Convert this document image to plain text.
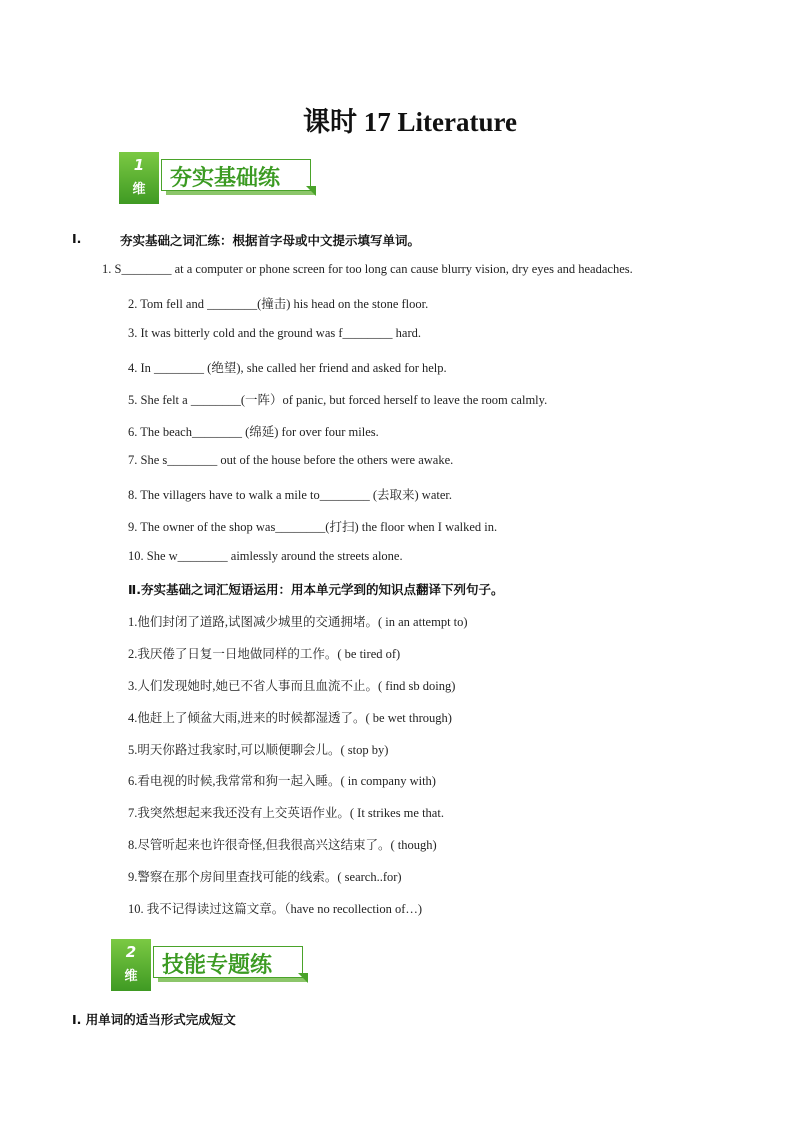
课时 17 Literature
1
维	夯实基础练
I.	夯实基础之词汇练：根据首字母或中文提示填写单词。
1. S________ at a computer or phone screen for too long can cause blurry vision, dry eyes and headaches.
2. Tom fell and ________(撞击) his head on the stone floor.
3. It was bitterly cold and the ground was f________ hard.
4. In ________ (绝望), she called her friend and asked for help.
5. She felt a ________(一阵）of panic, but forced herself to leave the room calmly.
6. The beach________ (绵延) for over four miles.
7. She s________ out of the house before the others were awake.
8. The villagers have to walk a mile to________ (去取来) water.
9. The owner of the shop was________(打扫) the floor when I walked in.
10. She w________ aimlessly around the streets alone.
Ⅱ.夯实基础之词汇短语运用：用本单元学到的知识点翻译下列句子。
1.他们封闭了道路,试图减少城里的交通拥堵。( in an attempt to)
2.我厌倦了日复一日地做同样的工作。( be tired of)
3.人们发现她时,她已不省人事而且血流不止。( find sb doing)
4.他赶上了倾盆大雨,进来的时候都湿透了。( be wet through)
5.明天你路过我家时,可以顺便聊会儿。( stop by)
6.看电视的时候,我常常和狗一起入睡。( in company with)
7.我突然想起来我还没有上交英语作业。( It strikes me that.
8.尽管听起来也许很奇怪,但我很高兴这结束了。( though)
9.警察在那个房间里查找可能的线索。( search..for)
10. 我不记得读过这篇文章。（have no recollection of…)
2
维	技能专题练
I. 用单词的适当形式完成短文
